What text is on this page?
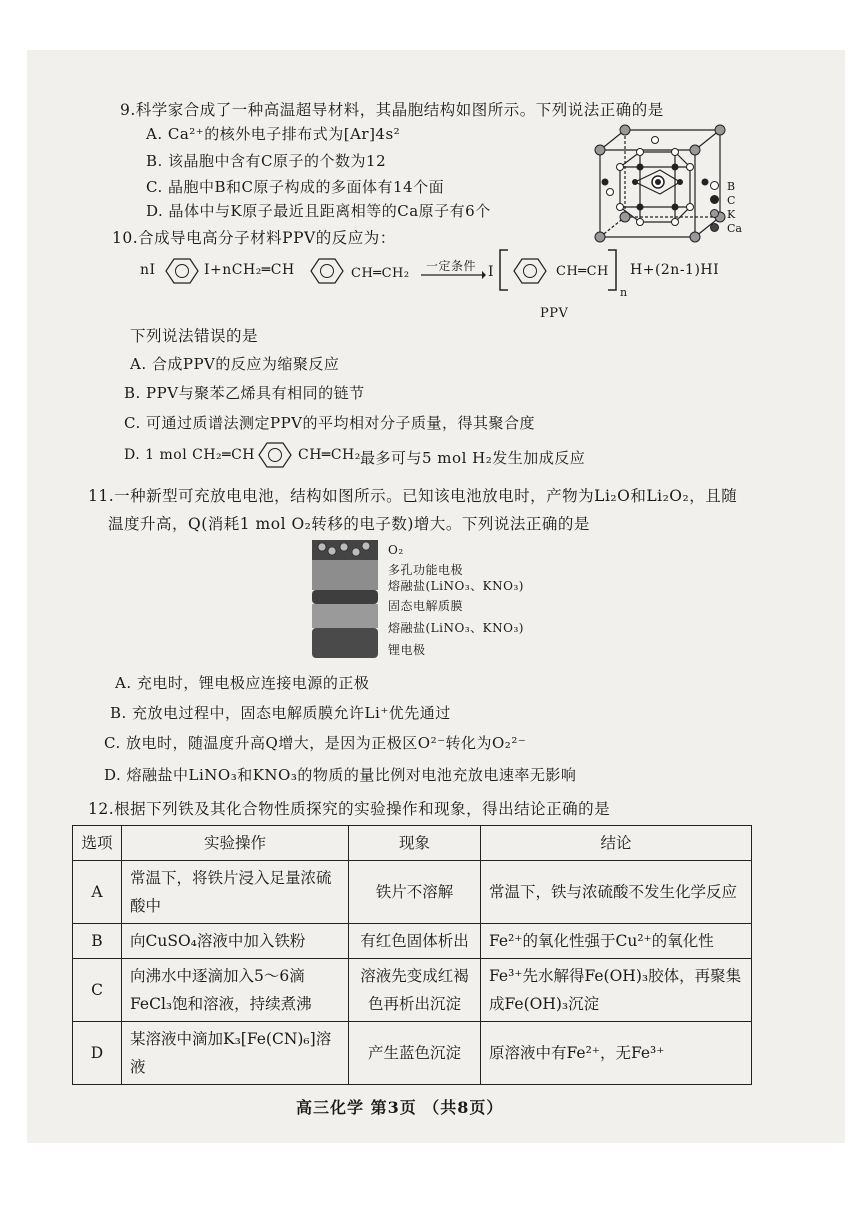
9.科学家合成了一种高温超导材料，其晶胞结构如图所示。下列说法正确的是
A. Ca²⁺的核外电子排布式为[Ar]4s²
B. 该晶胞中含有C原子的个数为12
C. 晶胞中B和C原子构成的多面体有14个面
D. 晶体中与K原子最近且距离相等的Ca原子有6个
B
C
K
Ca
10.合成导电高分子材料PPV的反应为：
nI	I+nCH₂═CH	CH═CH₂ 一定条件 I	CH═CH
n
H+(2n-1)HI
PPV
下列说法错误的是
A. 合成PPV的反应为缩聚反应
B. PPV与聚苯乙烯具有相同的链节
C. 可通过质谱法测定PPV的平均相对分子质量，得其聚合度
D. 1 mol CH₂═CH	CH═CH₂ 最多可与5 mol H₂发生加成反应
11.一种新型可充放电电池，结构如图所示。已知该电池放电时，产物为Li₂O和Li₂O₂，且随
温度升高，Q(消耗1 mol O₂转移的电子数)增大。下列说法正确的是
O₂
多孔功能电极
熔融盐(LiNO₃、KNO₃)
固态电解质膜
熔融盐(LiNO₃、KNO₃)
锂电极
A. 充电时，锂电极应连接电源的正极
B. 充放电过程中，固态电解质膜允许Li⁺优先通过
C. 放电时，随温度升高Q增大，是因为正极区O²⁻转化为O₂²⁻
D. 熔融盐中LiNO₃和KNO₃的物质的量比例对电池充放电速率无影响
12.根据下列铁及其化合物性质探究的实验操作和现象，得出结论正确的是
选项	实验操作	现象	结论
A	常温下，将铁片浸入足量浓硫酸中	铁片不溶解	常温下，铁与浓硫酸不发生化学反应
B	向CuSO₄溶液中加入铁粉	有红色固体析出	Fe²⁺的氧化性强于Cu²⁺的氧化性
C	向沸水中逐滴加入5～6滴FeCl₃饱和溶液，持续煮沸	溶液先变成红褐色再析出沉淀	Fe³⁺先水解得Fe(OH)₃胶体，再聚集成Fe(OH)₃沉淀
D	某溶液中滴加K₃[Fe(CN)₆]溶液	产生蓝色沉淀	原溶液中有Fe²⁺，无Fe³⁺
高三化学 第3页 （共8页）
